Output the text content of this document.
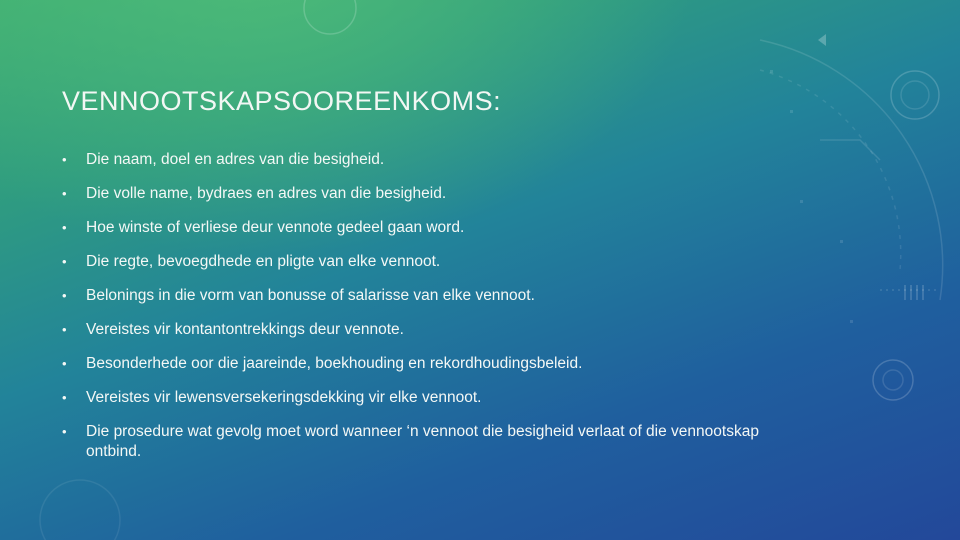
VENNOOTSKAPSOOREENKOMS:
•	Die naam, doel en adres van die besigheid.
•	Die volle name, bydraes en adres van die besigheid.
•	Hoe winste of verliese deur vennote gedeel gaan word.
•	Die regte, bevoegdhede en pligte van elke vennoot.
•	Belonings in die vorm van bonusse of salarisse van elke vennoot.
•	Vereistes vir kontantontrekkings deur vennote.
•	Besonderhede oor die jaareinde, boekhouding en rekordhoudingsbeleid.
•	Vereistes vir lewensversekeringsdekking vir elke vennoot.
•	Die prosedure wat gevolg moet word wanneer ‘n vennoot die besigheid verlaat of die vennootskap ontbind.
